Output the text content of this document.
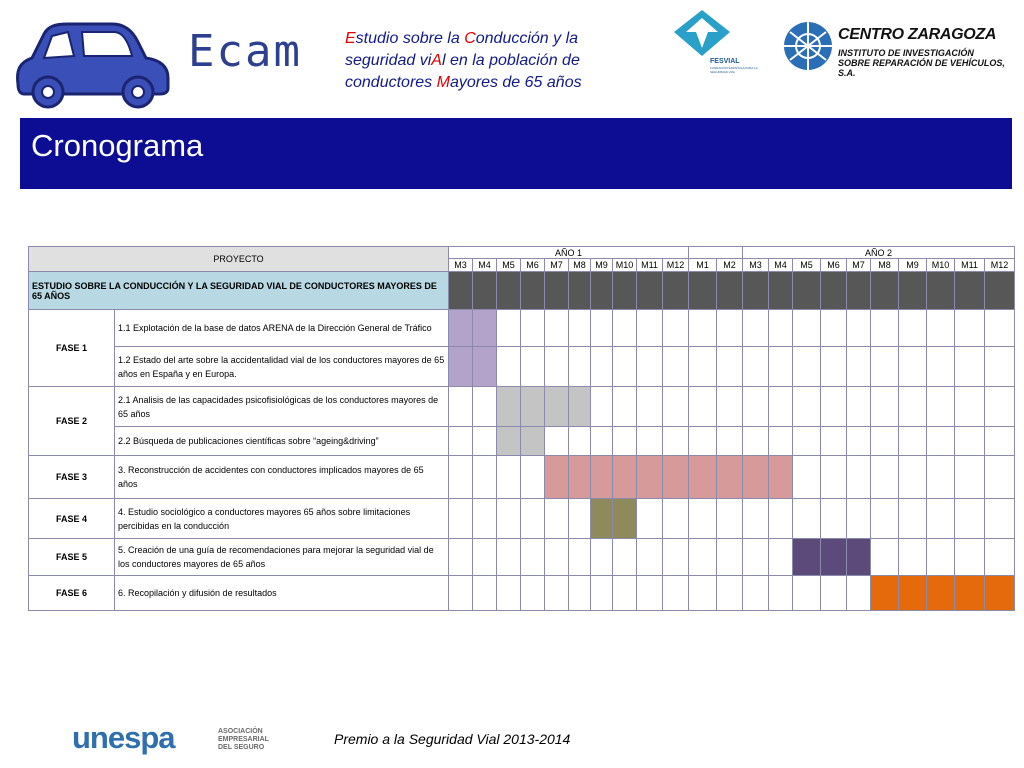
Ecam	Estudio sobre la Conducción y la
seguridad viAl en la población de
conductores Mayores de 65 años
FESVIAL
FUNDACIÓN ESPAÑOLA PARA LA SEGURIDAD VIAL
CENTRO ZARAGOZA
INSTITUTO DE INVESTIGACIÓN
SOBRE REPARACIÓN DE VEHÍCULOS, S.A.
Cronograma
PROYECTO		AÑO 1												AÑO 2									
		M3	M4	M5	M6	M7	M8	M9	M10	M11	M12	M1	M2	M3	M4	M5	M6	M7	M8	M9	M10	M11	M12
ESTUDIO SOBRE LA CONDUCCIÓN Y LA SEGURIDAD VIAL DE CONDUCTORES MAYORES DE 65 AÑOS																							
FASE 1	1.1 Explotación de la base de datos ARENA de la Dirección General de Tráfico																						
	1.2 Estado del arte sobre la accidentalidad vial de los conductores mayores de 65 años en España y en Europa.																						
FASE 2	2.1 Analisis de las capacidades psicofisiológicas de los conductores mayores de 65 años																						
	2.2 Búsqueda de publicaciones científicas sobre “ageing&driving”																						
FASE 3	3. Reconstrucción de accidentes con conductores implicados mayores de 65 años																						
FASE 4	4. Estudio sociológico a conductores mayores 65 años sobre limitaciones percibidas en la conducción																						
FASE 5	5. Creación de una guía de recomendaciones para mejorar la seguridad vial de los conductores mayores de 65 años																						
FASE 6	6. Recopilación y difusión de resultados																						
unespa	ASOCIACIÓN
EMPRESARIAL
DEL SEGURO
Premio a la Seguridad Vial 2013-2014
